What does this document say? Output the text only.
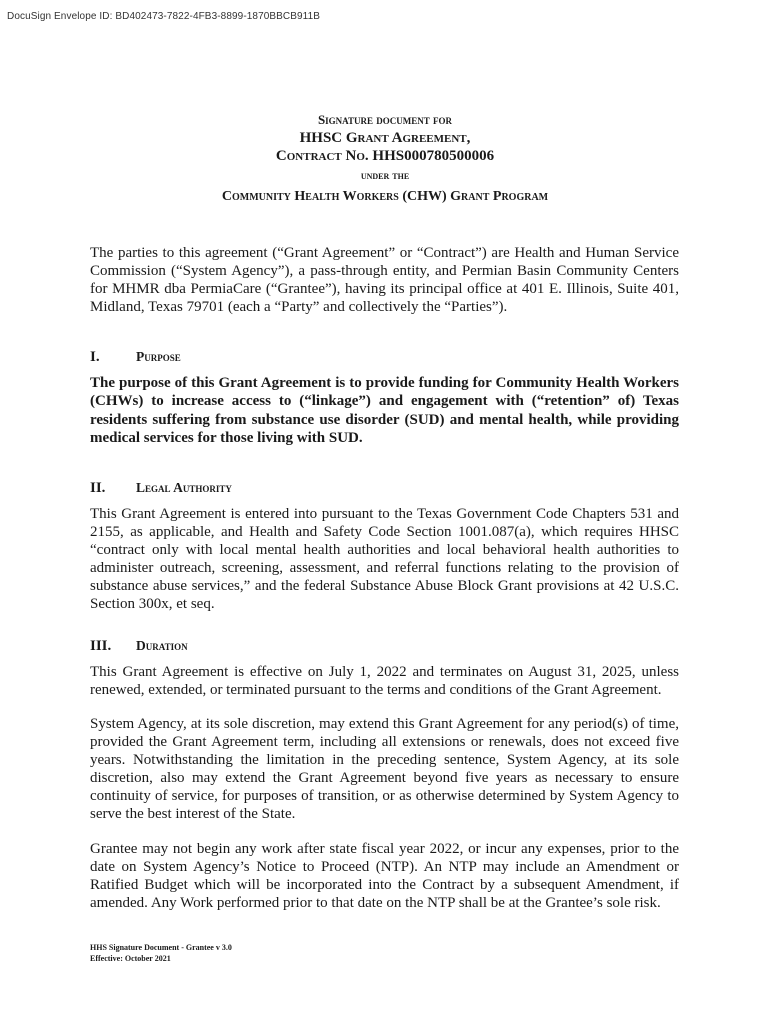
DocuSign Envelope ID: BD402473-7822-4FB3-8899-1870BBCB911B
Signature document for
HHSC Grant Agreement,
Contract No. HHS000780500006
under the
Community Health Workers (CHW) Grant Program
The parties to this agreement (“Grant Agreement” or “Contract”) are Health and Human Service Commission (“System Agency”), a pass-through entity, and Permian Basin Community Centers for MHMR dba PermiaCare (“Grantee”), having its principal office at 401 E. Illinois, Suite 401, Midland, Texas 79701 (each a “Party” and collectively the “Parties”).
I.	Purpose
The purpose of this Grant Agreement is to provide funding for Community Health Workers (CHWs) to increase access to (“linkage”) and engagement with (“retention” of) Texas residents suffering from substance use disorder (SUD) and mental health, while providing medical services for those living with SUD.
II. Legal Authority
This Grant Agreement is entered into pursuant to the Texas Government Code Chapters 531 and 2155, as applicable, and Health and Safety Code Section 1001.087(a), which requires HHSC “contract only with local mental health authorities and local behavioral health authorities to administer outreach, screening, assessment, and referral functions relating to the provision of substance abuse services,” and the federal Substance Abuse Block Grant provisions at 42 U.S.C. Section 300x, et seq.
III. Duration
This Grant Agreement is effective on July 1, 2022 and terminates on August 31, 2025, unless renewed, extended, or terminated pursuant to the terms and conditions of the Grant Agreement.
System Agency, at its sole discretion, may extend this Grant Agreement for any period(s) of time, provided the Grant Agreement term, including all extensions or renewals, does not exceed five years. Notwithstanding the limitation in the preceding sentence, System Agency, at its sole discretion, also may extend the Grant Agreement beyond five years as necessary to ensure continuity of service, for purposes of transition, or as otherwise determined by System Agency to serve the best interest of the State.
Grantee may not begin any work after state fiscal year 2022, or incur any expenses, prior to the date on System Agency’s Notice to Proceed (NTP). An NTP may include an Amendment or Ratified Budget which will be incorporated into the Contract by a subsequent Amendment, if amended. Any Work performed prior to that date on the NTP shall be at the Grantee’s sole risk.
HHS Signature Document - Grantee v 3.0
Effective: October 2021
